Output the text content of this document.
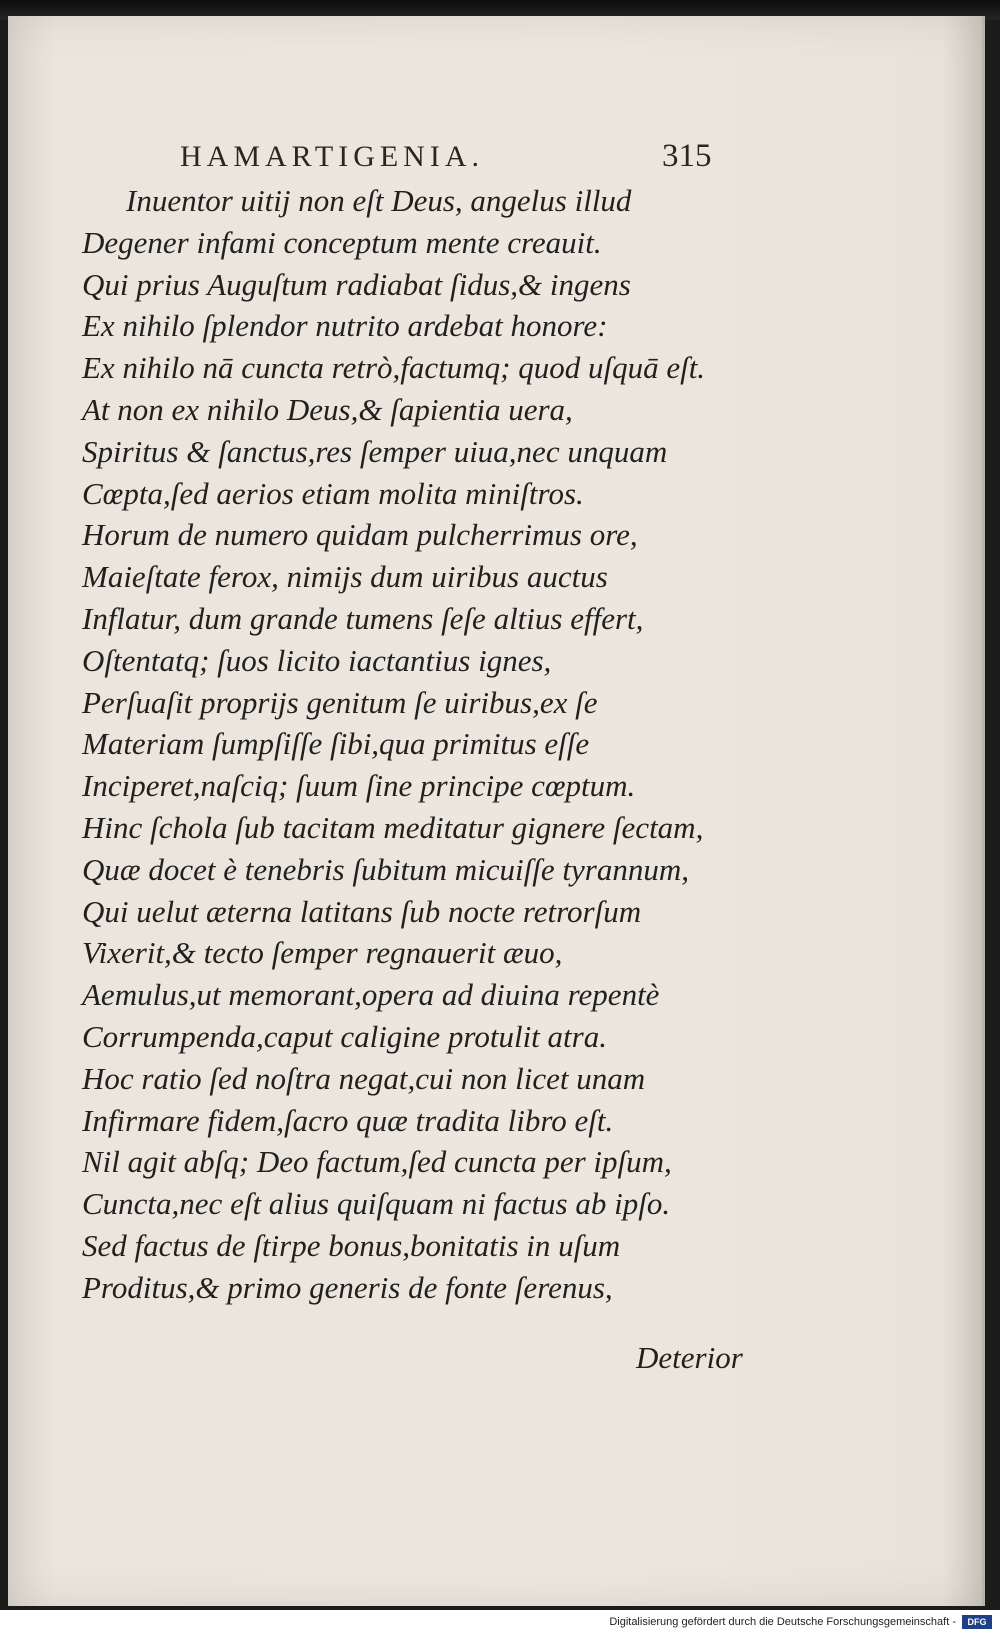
HAMARTIGENIA.	315
Inuentor uitij non eſt Deus, angelus illud
Degener infami conceptum mente creauit.
Qui prius Auguſtum radiabat ſidus,& ingens
Ex nihilo ſplendor nutrito ardebat honore:
Ex nihilo nā cuncta retrò,factumq; quod uſquā eſt.
At non ex nihilo Deus,& ſapientia uera,
Spiritus & ſanctus,res ſemper uiua,nec unquam
Cœpta,ſed aerios etiam molita miniſtros.
Horum de numero quidam pulcherrimus ore,
Maieſtate ferox, nimijs dum uiribus auctus
Inflatur, dum grande tumens ſeſe altius effert,
Oſtentatq; ſuos licito iactantius ignes,
Perſuaſit proprijs genitum ſe uiribus,ex ſe
Materiam ſumpſiſſe ſibi,qua primitus eſſe
Inciperet,naſciq; ſuum ſine principe cœptum.
Hinc ſchola ſub tacitam meditatur gignere ſectam,
Quæ docet è tenebris ſubitum micuiſſe tyrannum,
Qui uelut æterna latitans ſub nocte retrorſum
Vixerit,& tecto ſemper regnauerit æuo,
Aemulus,ut memorant,opera ad diuina repentè
Corrumpenda,caput caligine protulit atra.
Hoc ratio ſed noſtra negat,cui non licet unam
Infirmare fidem,ſacro quæ tradita libro eſt.
Nil agit abſq; Deo factum,ſed cuncta per ipſum,
Cuncta,nec eſt alius quiſquam ni factus ab ipſo.
Sed factus de ſtirpe bonus,bonitatis in uſum
Proditus,& primo generis de fonte ſerenus,
Deterior
Digitalisierung gefördert durch die Deutsche Forschungsgemeinschaft -	DFG
